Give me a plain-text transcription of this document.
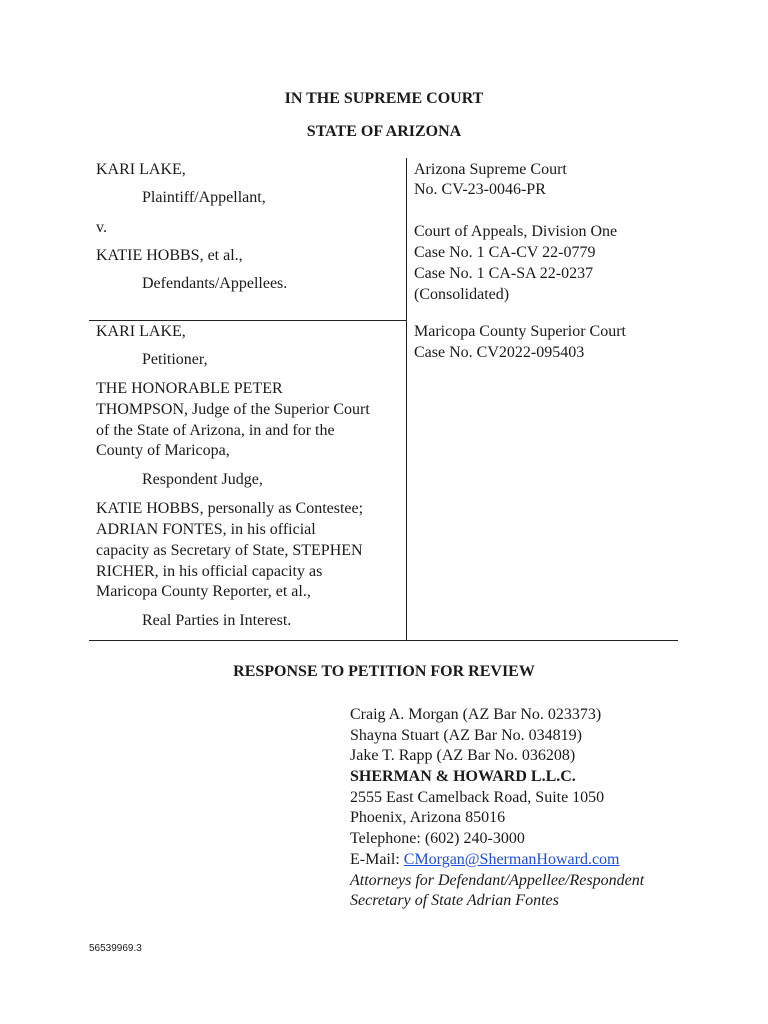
IN THE SUPREME COURT
STATE OF ARIZONA
KARI LAKE,
Plaintiff/Appellant,
v.
KATIE HOBBS, et al.,
Defendants/Appellees.
Arizona Supreme Court
No. CV-23-0046-PR
Court of Appeals, Division One
Case No. 1 CA-CV 22-0779
Case No. 1 CA-SA 22-0237
(Consolidated)
KARI LAKE,
Petitioner,
THE HONORABLE PETER
THOMPSON, Judge of the Superior Court
of the State of Arizona, in and for the
County of Maricopa,
Respondent Judge,
KATIE HOBBS, personally as Contestee;
ADRIAN FONTES, in his official
capacity as Secretary of State, STEPHEN
RICHER, in his official capacity as
Maricopa County Reporter, et al.,
Real Parties in Interest.
Maricopa County Superior Court
Case No. CV2022-095403
RESPONSE TO PETITION FOR REVIEW
Craig A. Morgan (AZ Bar No. 023373)
Shayna Stuart (AZ Bar No. 034819)
Jake T. Rapp (AZ Bar No. 036208)
SHERMAN & HOWARD L.L.C.
2555 East Camelback Road, Suite 1050
Phoenix, Arizona 85016
Telephone: (602) 240-3000
E-Mail: CMorgan@ShermanHoward.com
Attorneys for Defendant/Appellee/Respondent
Secretary of State Adrian Fontes
56539969.3
